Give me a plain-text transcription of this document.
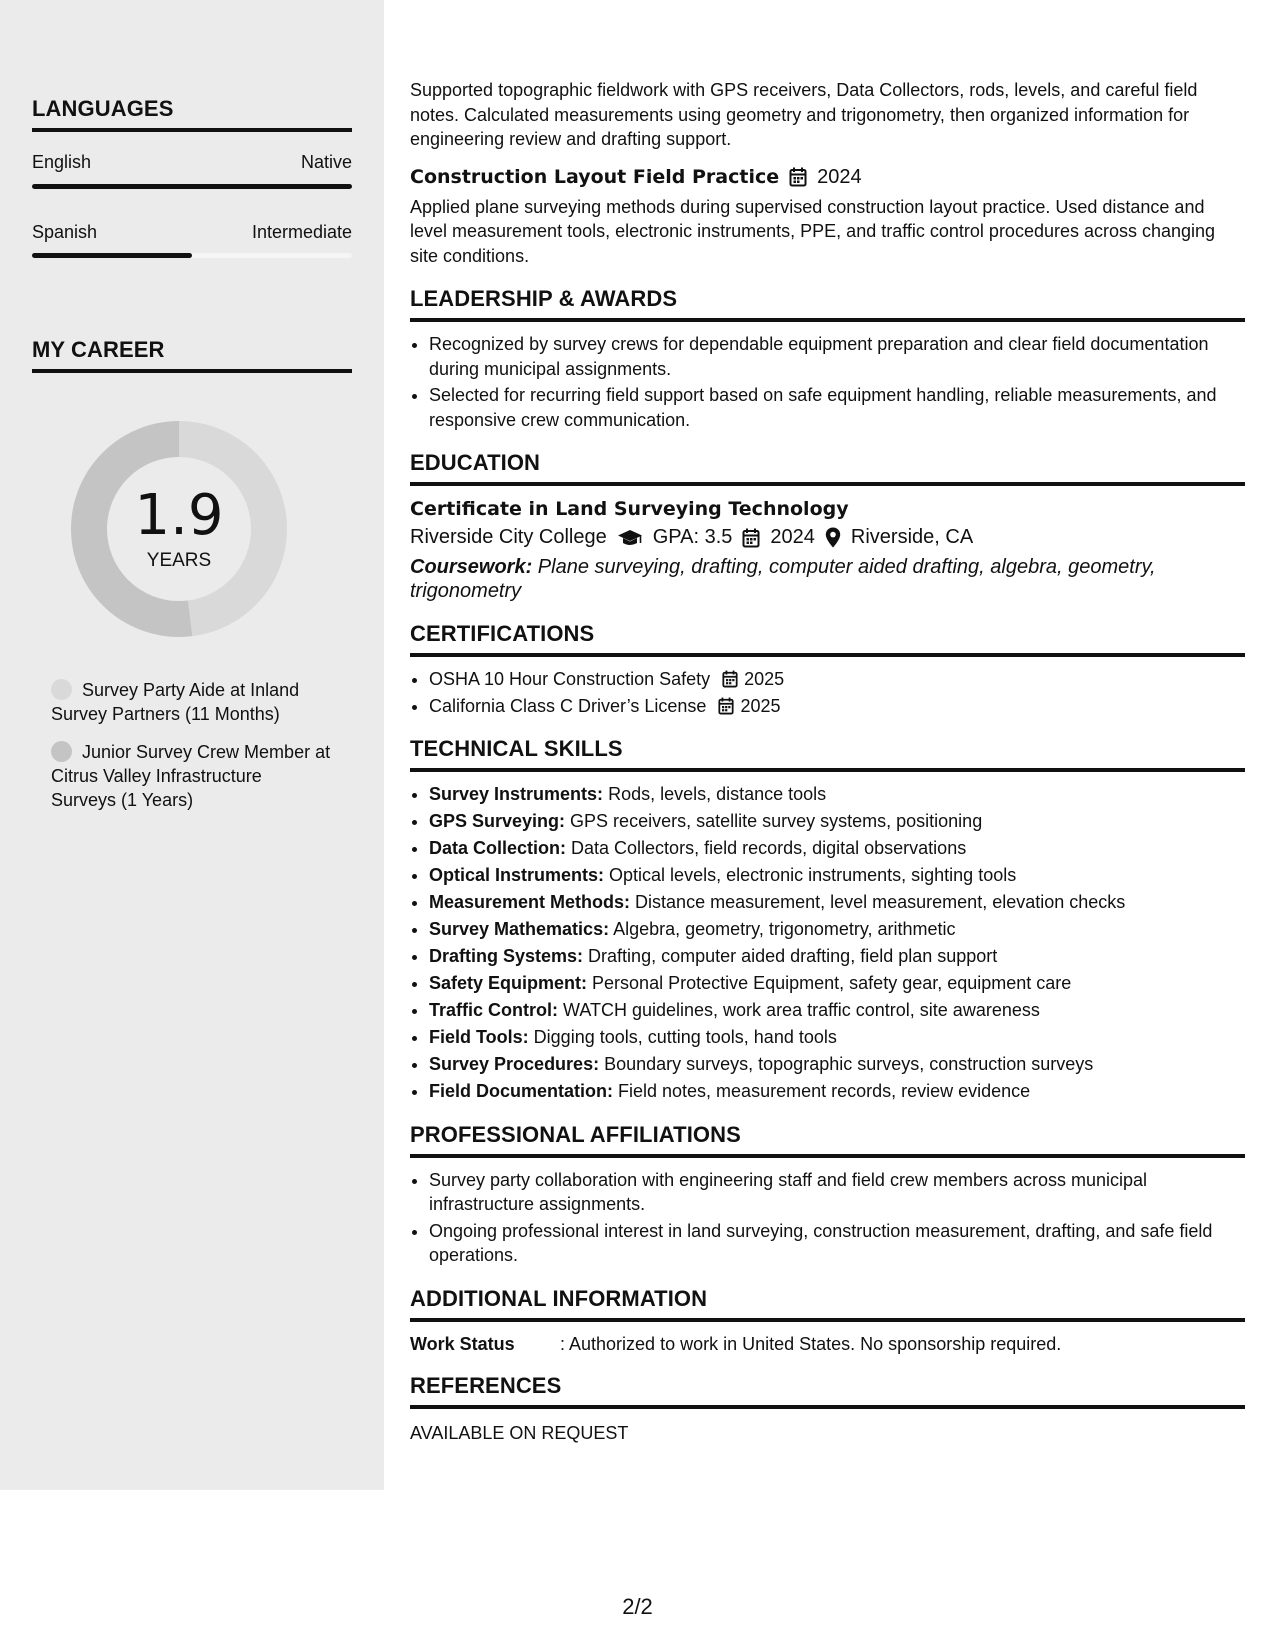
LANGUAGES
English	Native
Spanish	Intermediate
MY CAREER
1.9
YEARS
Survey Party Aide at Inland Survey Partners (11 Months)
Junior Survey Crew Member at Citrus Valley Infrastructure Surveys (1 Years)

Supported topographic fieldwork with GPS receivers, Data Collectors, rods, levels, and careful field notes. Calculated measurements using geometry and trigonometry, then organized information for engineering review and drafting support.

Construction Layout Field Practice 2024

Applied plane surveying methods during supervised construction layout practice. Used distance and level measurement tools, electronic instruments, PPE, and traffic control procedures across changing site conditions.

LEADERSHIP & AWARDS
• Recognized by survey crews for dependable equipment preparation and clear field documentation during municipal assignments.
• Selected for recurring field support based on safe equipment handling, reliable measurements, and responsive crew communication.
EDUCATION
Certificate in Land Surveying Technology
Riverside City College GPA: 3.5 2024 Riverside, CA
Coursework: Plane surveying, drafting, computer aided drafting, algebra, geometry, trigonometry
CERTIFICATIONS
• OSHA 10 Hour Construction Safety 2025
• California Class C Driver’s License 2025
TECHNICAL SKILLS
• Survey Instruments: Rods, levels, distance tools
• GPS Surveying: GPS receivers, satellite survey systems, positioning
• Data Collection: Data Collectors, field records, digital observations
• Optical Instruments: Optical levels, electronic instruments, sighting tools
• Measurement Methods: Distance measurement, level measurement, elevation checks
• Survey Mathematics: Algebra, geometry, trigonometry, arithmetic
• Drafting Systems: Drafting, computer aided drafting, field plan support
• Safety Equipment: Personal Protective Equipment, safety gear, equipment care
• Traffic Control: WATCH guidelines, work area traffic control, site awareness
• Field Tools: Digging tools, cutting tools, hand tools
• Survey Procedures: Boundary surveys, topographic surveys, construction surveys
• Field Documentation: Field notes, measurement records, review evidence
PROFESSIONAL AFFILIATIONS
• Survey party collaboration with engineering staff and field crew members across municipal infrastructure assignments.
• Ongoing professional interest in land surveying, construction measurement, drafting, and safe field operations.
ADDITIONAL INFORMATION
Work Status	: Authorized to work in United States. No sponsorship required.
REFERENCES
AVAILABLE ON REQUEST
2/2
